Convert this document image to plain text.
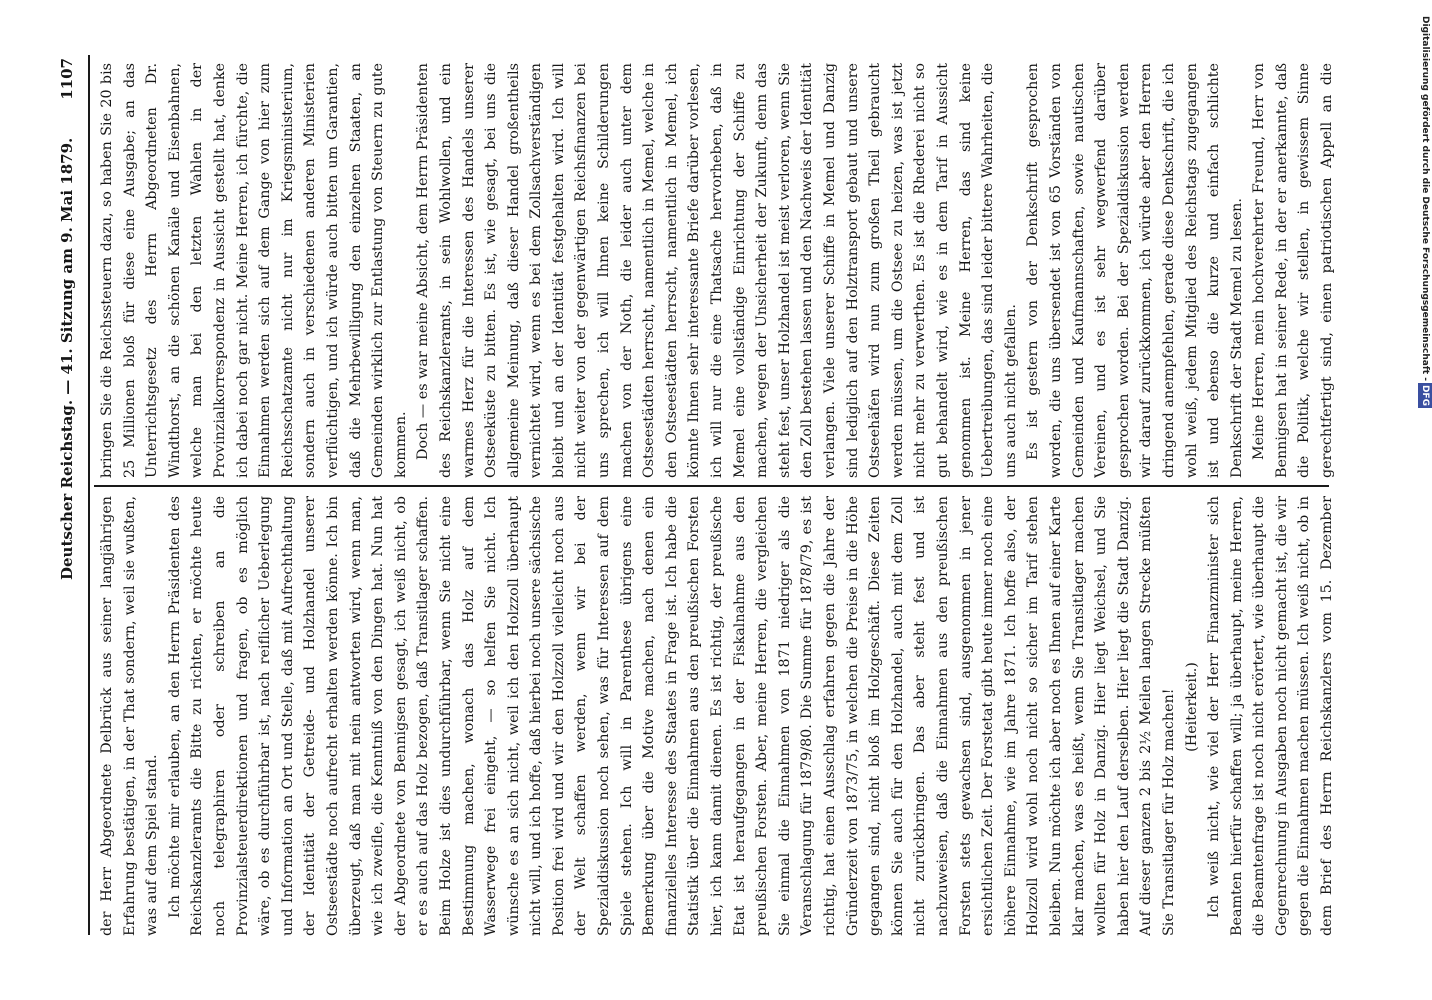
Deutscher Reichstag. — 41. Sitzung am 9. Mai 1879.
1107

der Herr Abgeordnete Delbrück aus seiner langjährigen Erfahrung bestätigen, in der That sondern, weil sie wußten, was auf dem Spiel stand. Ich möchte mir erlauben, an den Herrn Präsidenten des Reichskanzleramts die Bitte zu richten, er möchte heute noch telegraphiren oder schreiben an die Provinzialsteuerdirektionen und fragen, ob es möglich wäre, ob es durchführbar ist, nach reiflicher Ueberlegung und Information an Ort und Stelle, daß mit Aufrechthaltung der Identität der Getreide- und Holzhandel unserer Ostseestädte noch aufrecht erhalten werden könne. Ich bin überzeugt, daß man mit nein antworten wird, wenn man, wie ich zweifle, die Kenntniß von den Dingen hat. Nun hat der Abgeordnete von Bennigsen gesagt, ich weiß nicht, ob er es auch auf das Holz bezogen, daß Transitlager schaffen. Beim Holze ist dies undurchführbar, wenn Sie nicht eine Bestimmung machen, wonach das Holz auf dem Wasserwege frei eingeht, — so helfen Sie nicht. Ich wünsche es an sich nicht, weil ich den Holzzoll überhaupt nicht will, und ich hoffe, daß hierbei noch unsere sächsische Position frei wird und wir den Holzzoll vielleicht noch aus der Welt schaffen werden, wenn wir bei der Spezialdiskussion noch sehen, was für Interessen auf dem Spiele stehen. Ich will in Parenthese übrigens eine Bemerkung über die Motive machen, nach denen ein finanzielles Interesse des Staates in Frage ist. Ich habe die Statistik über die Einnahmen aus den preußischen Forsten hier, ich kann damit dienen. Es ist richtig, der preußische Etat ist heraufgegangen in der Fiskalnahme aus den preußischen Forsten. Aber, meine Herren, die vergleichen Sie einmal die Einnahmen von 1871 niedriger als die Veranschlagung für 1879/80. Die Summe für 1878/79, es ist richtig, hat einen Ausschlag erfahren gegen die Jahre der Gründerzeit von 1873/75, in welchen die Preise in die Höhe gegangen sind, nicht bloß im Holzgeschäft. Diese Zeiten können Sie auch für den Holzhandel, auch mit dem Zoll nicht zurückbringen. Das aber steht fest und ist nachzuweisen, daß die Einnahmen aus den preußischen Forsten stets gewachsen sind, ausgenommen in jener ersichtlichen Zeit. Der Forstetat gibt heute immer noch eine höhere Einnahme, wie im Jahre 1871. Ich hoffe also, der Holzzoll wird wohl noch nicht so sicher im Tarif stehen bleiben. Nun möchte ich aber noch es Ihnen auf einer Karte klar machen, was es heißt, wenn Sie Transitlager machen wollten für Holz in Danzig. Hier liegt Weichsel, und Sie haben hier den Lauf derselben. Hier liegt die Stadt Danzig. Auf dieser ganzen 2 bis 2½ Meilen langen Strecke müßten Sie Transitlager für Holz machen! (Heiterkeit.)

Ich weiß nicht, wie viel der Herr Finanzminister sich Beamten hierfür schaffen will; ja überhaupt, meine Herren, die Beamtenfrage ist noch nicht erörtert, wie überhaupt die Gegenrechnung in Ausgaben noch nicht gemacht ist, die wir gegen die Einnahmen machen müssen. Ich weiß nicht, ob in dem Brief des Herrn Reichskanzlers vom 15. Dezember

bringen Sie die Reichssteuern dazu, so haben Sie 20 bis 25 Millionen bloß für diese eine Ausgabe; an das Unterrichtsgesetz des Herrn Abgeordneten Dr. Windthorst, an die schönen Kanäle und Eisenbahnen, welche man bei den letzten Wahlen in der Provinzialkorrespondenz in Aussicht gestellt hat, denke ich dabei noch gar nicht. Meine Herren, ich fürchte, die Einnahmen werden sich auf dem Gange von hier zum Reichsschatzamte nicht nur im Kriegsministerium, sondern auch in verschiedenen anderen Ministerien verflüchtigen, und ich würde auch bitten um Garantien, daß die Mehrbewilligung den einzelnen Staaten, an Gemeinden wirklich zur Entlastung von Steuern zu gute kommen. Doch — es war meine Absicht, dem Herrn Präsidenten des Reichskanzleramts, in sein Wohlwollen, und ein warmes Herz für die Interessen des Handels unserer Ostseeküste zu bitten. Es ist, wie gesagt, bei uns die allgemeine Meinung, daß dieser Handel großentheils vernichtet wird, wenn es bei dem Zollsachverständigen bleibt und an der Identität festgehalten wird. Ich will nicht weiter von der gegenwärtigen Reichsfinanzen bei uns sprechen, ich will Ihnen keine Schilderungen machen von der Noth, die leider auch unter dem Ostseestädten herrscht, namentlich in Memel, welche in den Ostseestädten herrscht, namentlich in Memel, ich könnte Ihnen sehr interessante Briefe darüber vorlesen, ich will nur die eine Thatsache hervorheben, daß in Memel eine vollständige Einrichtung der Schiffe zu machen, wegen der Unsicherheit der Zukunft, denn das steht fest, unser Holzhandel ist meist verloren, wenn Sie den Zoll bestehen lassen und den Nachweis der Identität verlangen. Viele unserer Schiffe in Memel und Danzig sind lediglich auf den Holztransport gebaut und unsere Ostseehäfen wird nun zum großen Theil gebraucht werden müssen, um die Ostsee zu heizen, was ist jetzt nicht mehr zu verwerthen. Es ist die Rhederei nicht so gut behandelt wird, wie es in dem Tarif in Aussicht genommen ist. Meine Herren, das sind keine Uebertreibungen, das sind leider bittere Wahrheiten, die uns auch nicht gefallen. Es ist gestern von der Denkschrift gesprochen worden, die uns übersendet ist von 65 Vorständen von Gemeinden und Kaufmannschaften, sowie nautischen Vereinen, und es ist sehr wegwerfend darüber gesprochen worden. Bei der Spezialdiskussion werden wir darauf zurückkommen, ich würde aber den Herren dringend anempfehlen, gerade diese Denkschrift, die ich wohl weiß, jedem Mitglied des Reichstags zugegangen ist und ebenso die kurze und einfach schlichte Denkschrift der Stadt Memel zu lesen. Meine Herren, mein hochverehrter Freund, Herr von Bennigsen hat in seiner Rede, in der er anerkannte, daß die Politik, welche wir stellen, in gewissem Sinne gerechtfertigt sind, einen patriotischen Appell an die	Digitalisierung gefördert durch die Deutsche Forschungsgemeinschaft -DFG
